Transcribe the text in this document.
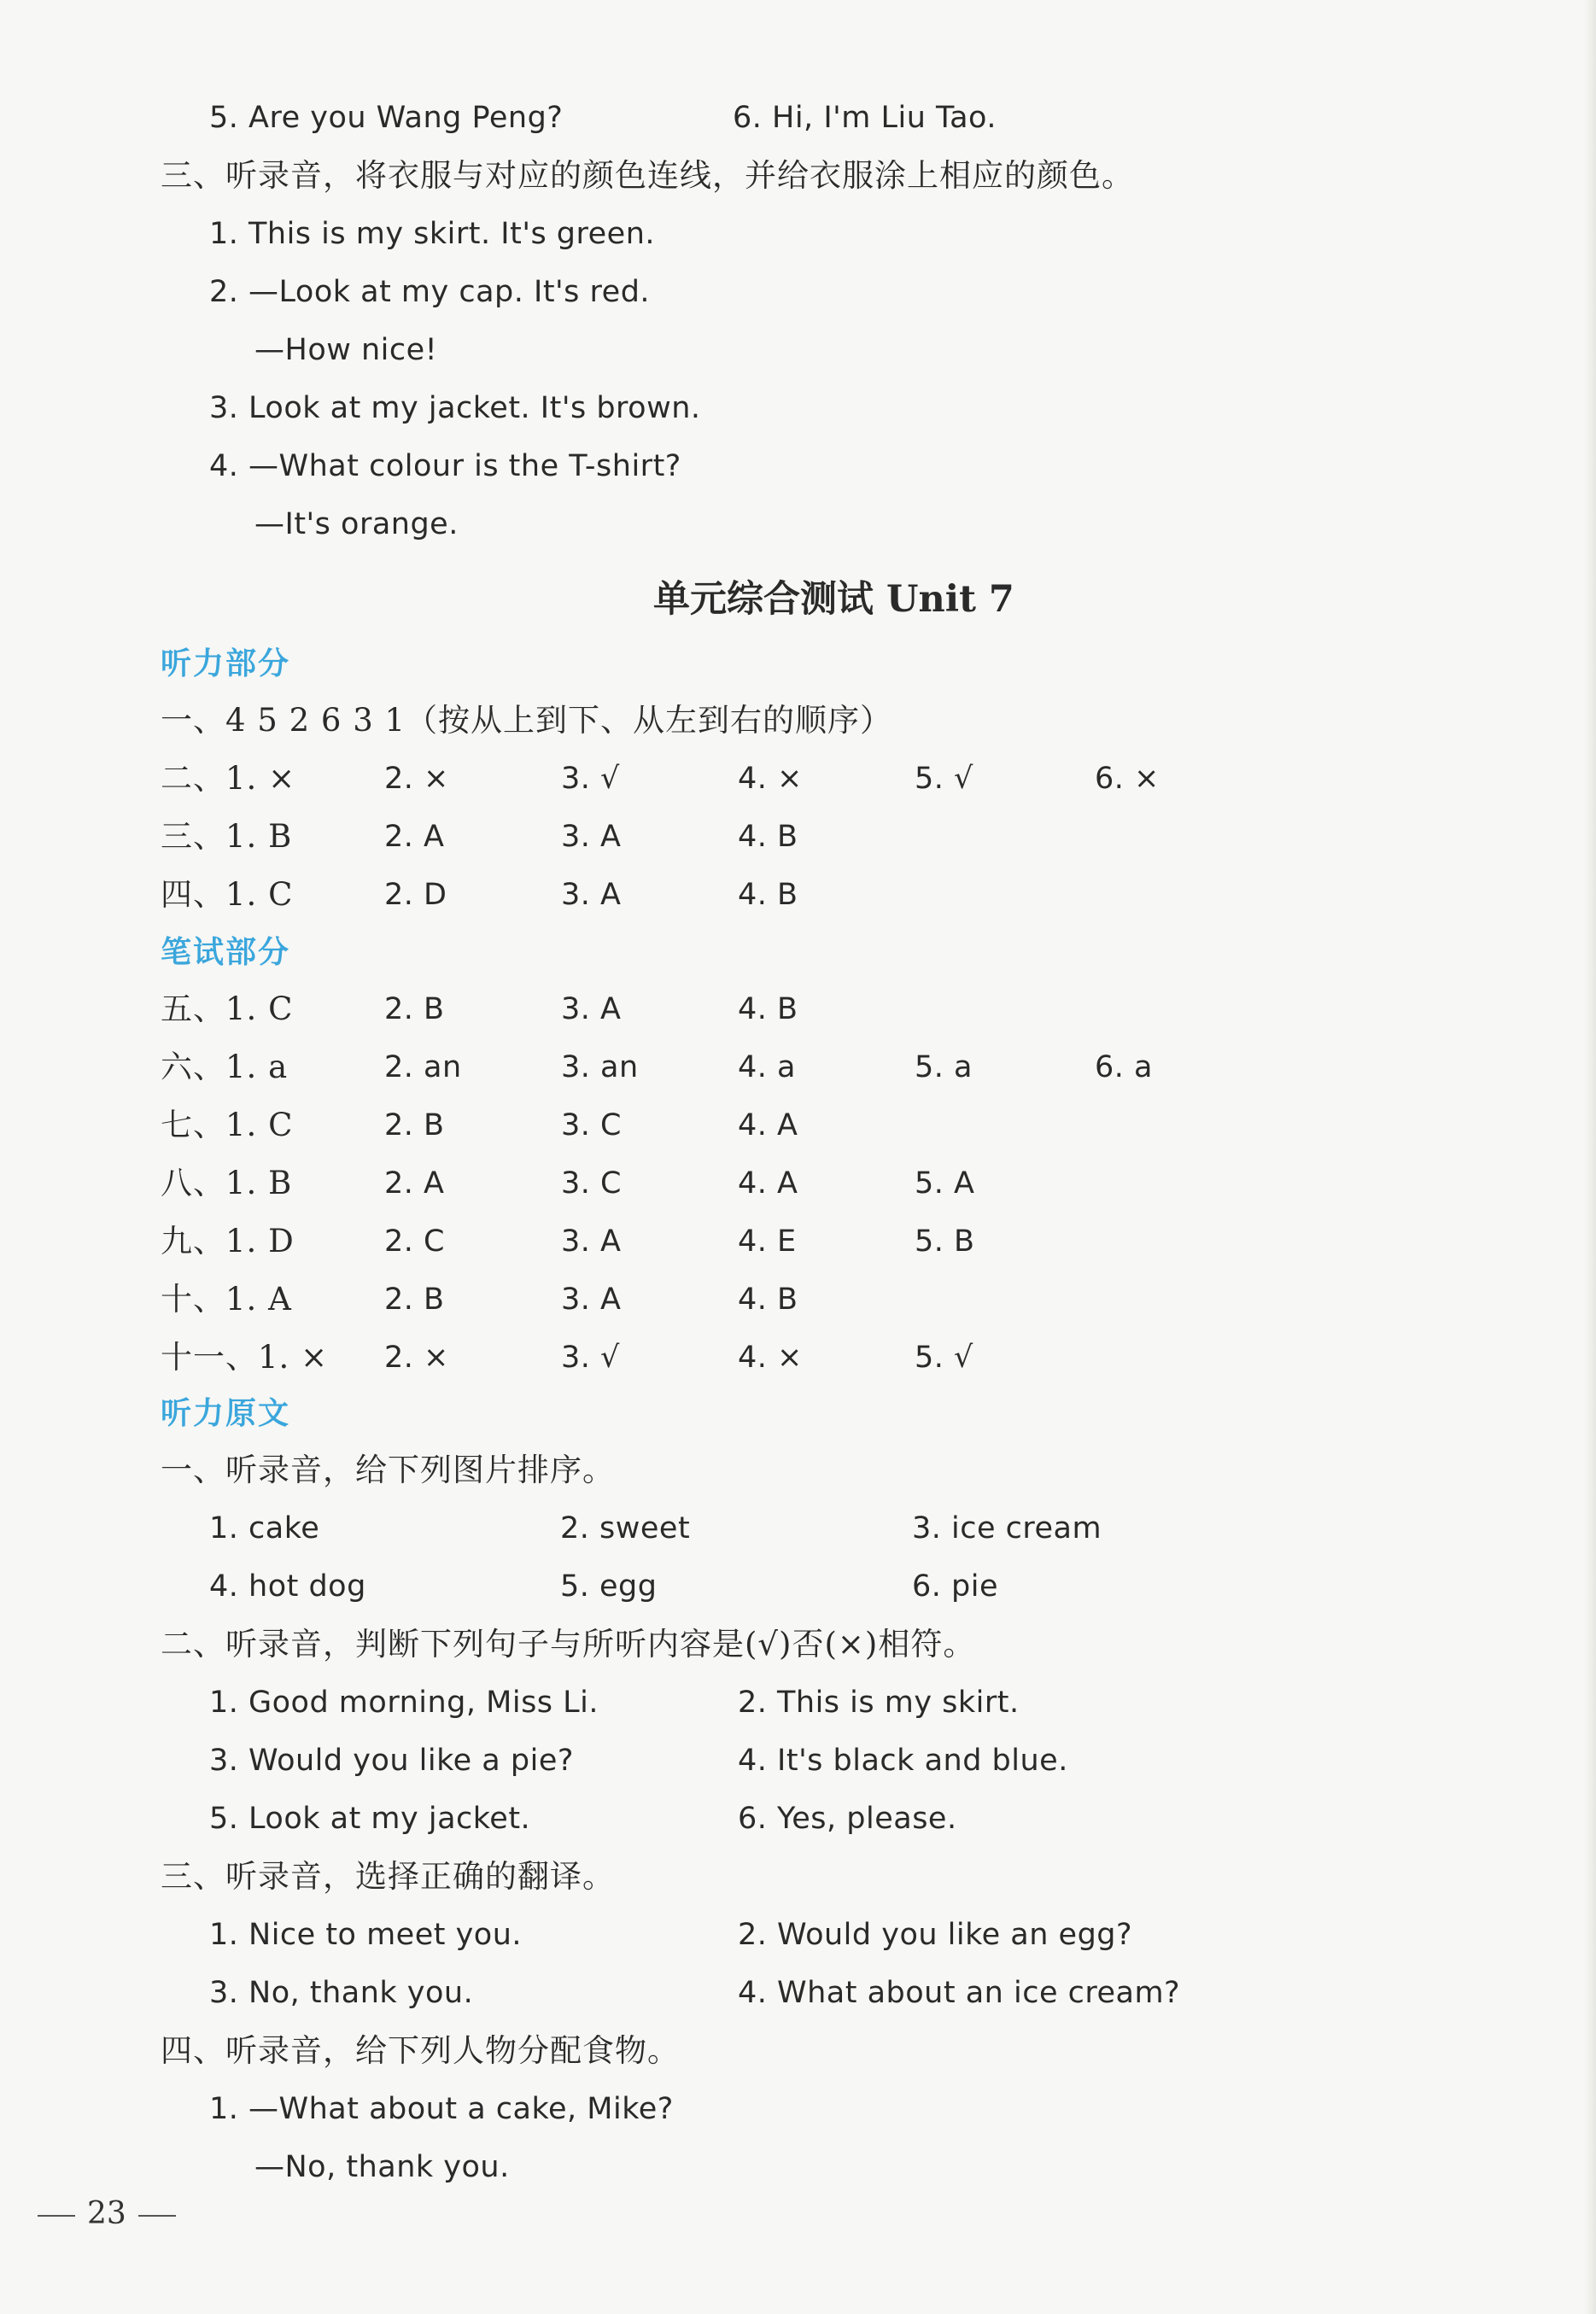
5. Are you Wang Peng?	6. Hi, I'm Liu Tao.
三、听录音，将衣服与对应的颜色连线，并给衣服涂上相应的颜色。
1. This is my skirt. It's green.
2. —Look at my cap. It's red.
—How nice!
3. Look at my jacket. It's brown.
4. —What colour is the T-shirt?
—It's orange.
单元综合测试 Unit 7
听力部分
一、4 5 2 6 3 1（按从上到下、从左到右的顺序）
二、1. ×	2. ×	3. √	4. ×	5. √	6. ×
三、1. B	2. A	3. A	4. B
四、1. C	2. D	3. A	4. B
笔试部分
五、1. C	2. B	3. A	4. B
六、1. a	2. an	3. an	4. a	5. a	6. a
七、1. C	2. B	3. C	4. A
八、1. B	2. A	3. C	4. A	5. A
九、1. D	2. C	3. A	4. E	5. B
十、1. A	2. B	3. A	4. B
十一、1. × 2. ×	3. √	4. ×	5. √
听力原文
一、听录音，给下列图片排序。
1. cake	2. sweet	3. ice cream
4. hot dog	5. egg	6. pie
二、听录音，判断下列句子与所听内容是(√)否(×)相符。
1. Good morning, Miss Li.	2. This is my skirt.
3. Would you like a pie?	4. It's black and blue.
5. Look at my jacket.	6. Yes, please.
三、听录音，选择正确的翻译。
1. Nice to meet you.	2. Would you like an egg?
3. No, thank you.	4. What about an ice cream?
四、听录音，给下列人物分配食物。
1. —What about a cake, Mike?
—No, thank you.
23
